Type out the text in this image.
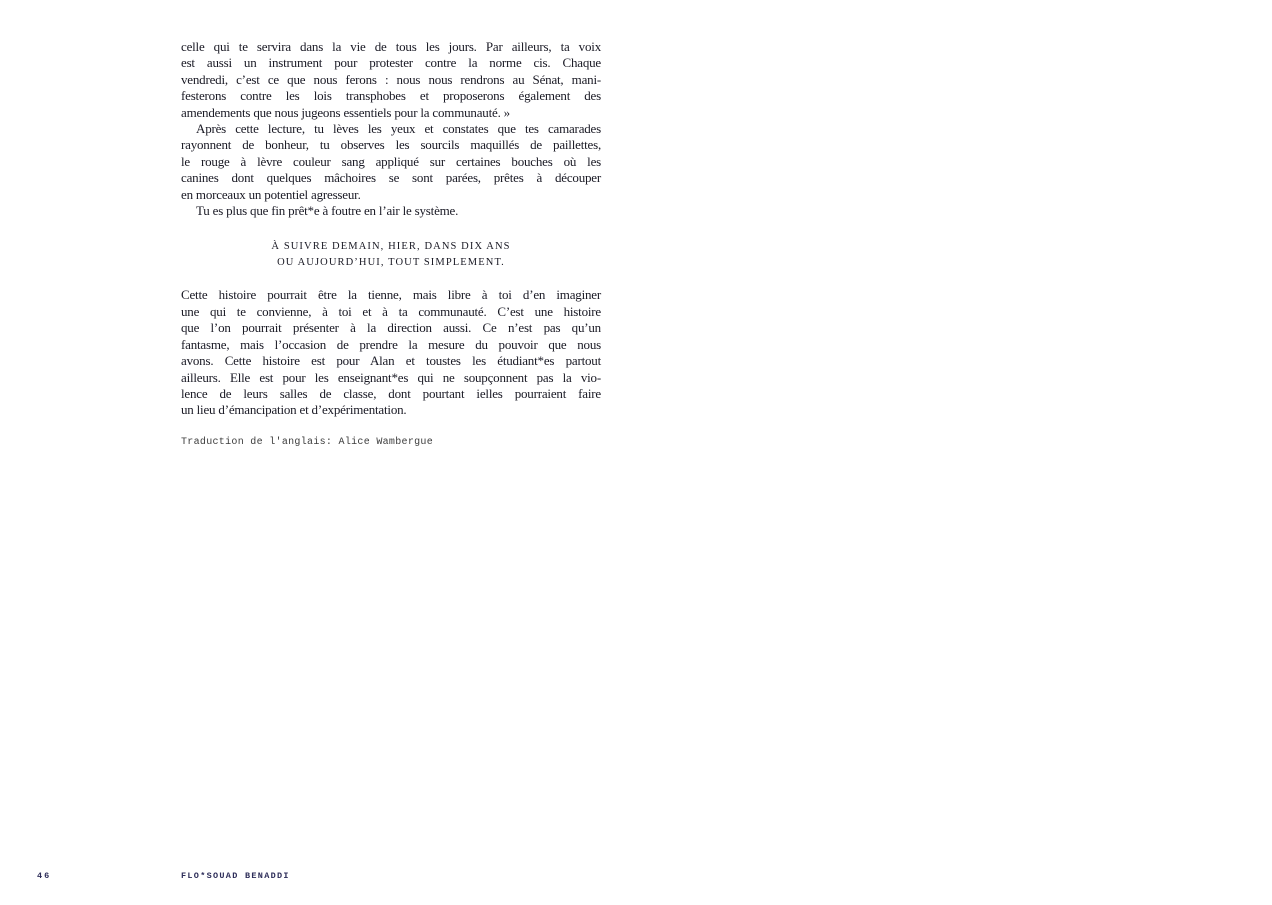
celle qui te servira dans la vie de tous les jours. Par ailleurs, ta voix
est aussi un instrument pour protester contre la norme cis. Chaque
vendredi, c’est ce que nous ferons : nous nous rendrons au Sénat, mani-
festerons contre les lois transphobes et proposerons également des
amendements que nous jugeons essentiels pour la communauté. »
Après cette lecture, tu lèves les yeux et constates que tes camarades
rayonnent de bonheur, tu observes les sourcils maquillés de paillettes,
le rouge à lèvre couleur sang appliqué sur certaines bouches où les
canines dont quelques mâchoires se sont parées, prêtes à découper
en morceaux un potentiel agresseur.
Tu es plus que fin prêt*e à foutre en l’air le système.
À SUIVRE DEMAIN, HIER, DANS DIX ANS
OU AUJOURD’HUI, TOUT SIMPLEMENT.
Cette histoire pourrait être la tienne, mais libre à toi d’en imaginer
une qui te convienne, à toi et à ta communauté. C’est une histoire
que l’on pourrait présenter à la direction aussi. Ce n’est pas qu’un
fantasme, mais l’occasion de prendre la mesure du pouvoir que nous
avons. Cette histoire est pour Alan et toustes les étudiant*es partout
ailleurs. Elle est pour les enseignant*es qui ne soupçonnent pas la vio-
lence de leurs salles de classe, dont pourtant ielles pourraient faire
un lieu d’émancipation et d’expérimentation.
Traduction de l'anglais: Alice Wambergue
46	FLO*SOUAD BENADDI
